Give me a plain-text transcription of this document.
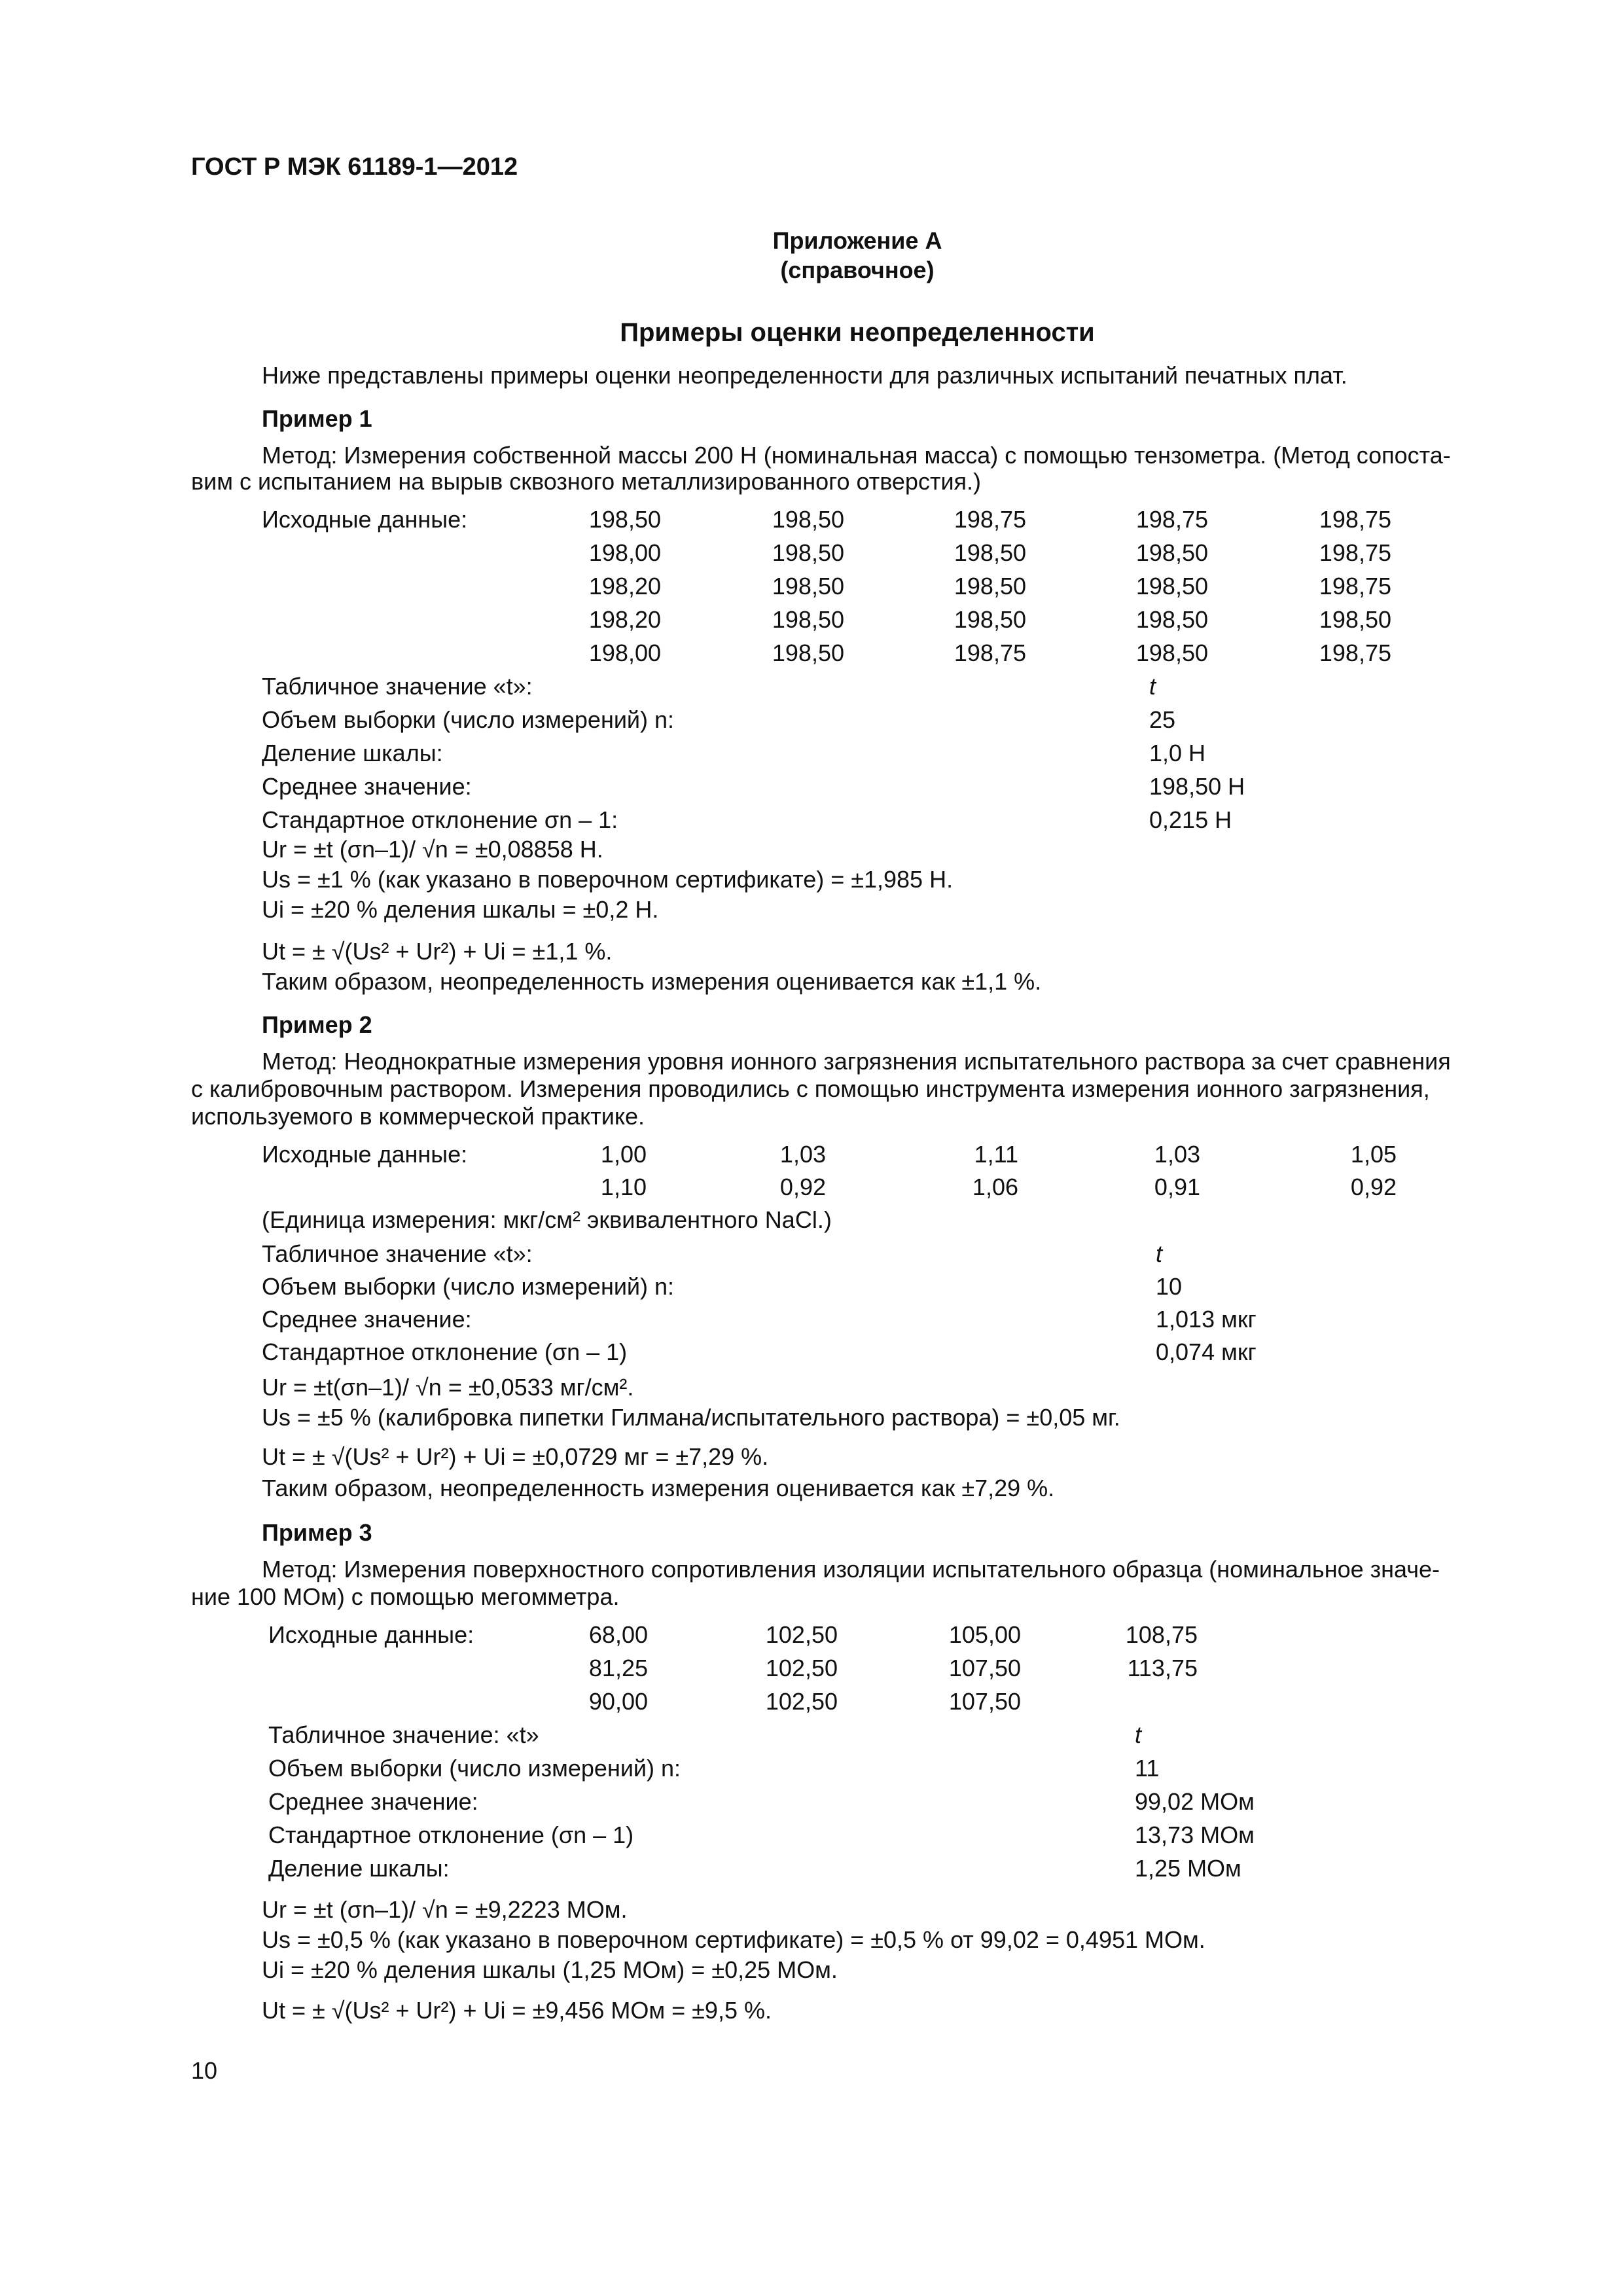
ГОСТ Р МЭК 61189-1—2012
Приложение А
(справочное)
Примеры оценки неопределенности
Ниже представлены примеры оценки неопределенности для различных испытаний печатных плат.
Пример 1
Метод: Измерения собственной массы 200 Н (номинальная масса) с помощью тензометра. (Метод сопоста-
вим с испытанием на вырыв сквозного металлизированного отверстия.)
Исходные данные:	198,50	198,50	198,75	198,75	198,75
198,00	198,50	198,50	198,50	198,75
198,20	198,50	198,50	198,50	198,75
198,20	198,50	198,50	198,50	198,50
198,00	198,50	198,75	198,50	198,75
Табличное значение «t»:	t
Объем выборки (число измерений) n:	25
Деление шкалы:	1,0 Н
Среднее значение:	198,50 Н
Стандартное отклонение σn – 1:	0,215 Н
Ur = ±t (σn–1)/ √n = ±0,08858 Н.
Us = ±1 % (как указано в поверочном сертификате) = ±1,985 Н.
Ui = ±20 % деления шкалы = ±0,2 Н.
Ut = ± √(Us² + Ur²) + Ui = ±1,1 %.
Таким образом, неопределенность измерения оценивается как ±1,1 %.
Пример 2
Метод: Неоднократные измерения уровня ионного загрязнения испытательного раствора за счет сравнения
с калибровочным раствором. Измерения проводились с помощью инструмента измерения ионного загрязнения,
используемого в коммерческой практике.
Исходные данные:	1,00	1,03	1,11	1,03	1,05
1,10	0,92	1,06	0,91	0,92
(Единица измерения: мкг/см² эквивалентного NaCl.)
Табличное значение «t»:	t
Объем выборки (число измерений) n:	10
Среднее значение:	1,013 мкг
Стандартное отклонение (σn – 1)	0,074 мкг
Ur = ±t(σn–1)/ √n = ±0,0533 мг/см².
Us = ±5 % (калибровка пипетки Гилмана/испытательного раствора) = ±0,05 мг.
Ut = ± √(Us² + Ur²) + Ui = ±0,0729 мг = ±7,29 %.
Таким образом, неопределенность измерения оценивается как ±7,29 %.
Пример 3
Метод: Измерения поверхностного сопротивления изоляции испытательного образца (номинальное значе-
ние 100 МОм) с помощью мегомметра.
Исходные данные:	68,00	102,50	105,00	108,75
81,25	102,50	107,50	113,75
90,00	102,50	107,50
Табличное значение: «t»	t
Объем выборки (число измерений) n:	11
Среднее значение:	99,02 МОм
Стандартное отклонение (σn – 1)	13,73 МОм
Деление шкалы:	1,25 МОм
Ur = ±t (σn–1)/ √n = ±9,2223 МОм.
Us = ±0,5 % (как указано в поверочном сертификате) = ±0,5 % от 99,02 = 0,4951 МОм.
Ui = ±20 % деления шкалы (1,25 МОм) = ±0,25 МОм.
Ut = ± √(Us² + Ur²) + Ui = ±9,456 МОм = ±9,5 %.
10
